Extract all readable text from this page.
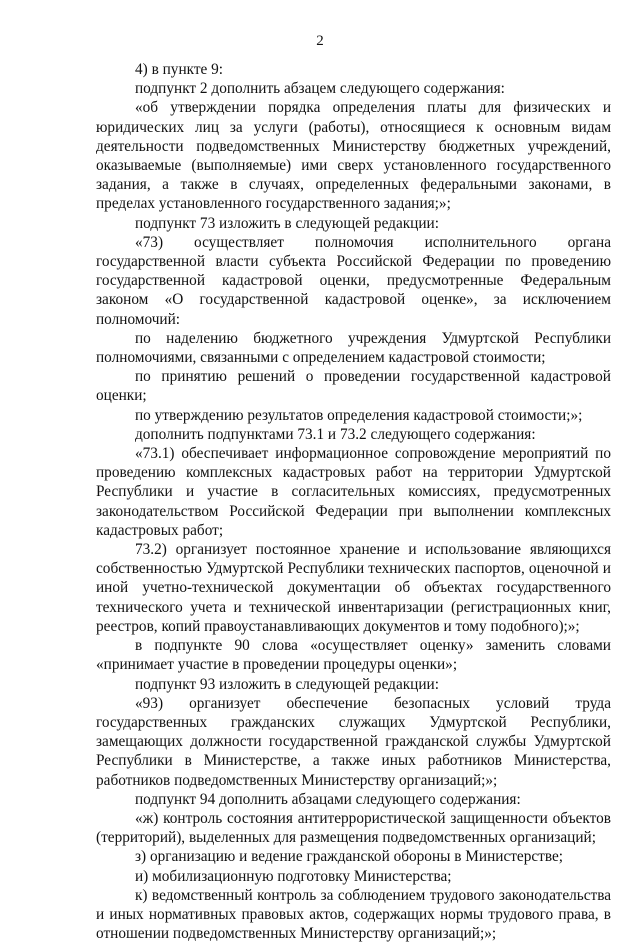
2

4) в пункте 9:

подпункт 2 дополнить абзацем следующего содержания:

«об утверждении порядка определения платы для физических и юридических лиц за услуги (работы), относящиеся к основным видам деятельности подведомственных Министерству бюджетных учреждений, оказываемые (выполняемые) ими сверх установленного государственного задания, а также в случаях, определенных федеральными законами, в пределах установленного государственного задания;»;

подпункт 73 изложить в следующей редакции:

«73) осуществляет полномочия исполнительного органа государственной власти субъекта Российской Федерации по проведению государственной кадастровой оценки, предусмотренные Федеральным законом «О государственной кадастровой оценке», за исключением полномочий:

по наделению бюджетного учреждения Удмуртской Республики полномочиями, связанными с определением кадастровой стоимости;

по принятию решений о проведении государственной кадастровой оценки;

по утверждению результатов определения кадастровой стоимости;»;

дополнить подпунктами 73.1 и 73.2 следующего содержания:

«73.1) обеспечивает информационное сопровождение мероприятий по проведению комплексных кадастровых работ на территории Удмуртской Республики и участие в согласительных комиссиях, предусмотренных законодательством Российской Федерации при выполнении комплексных кадастровых работ;

73.2) организует постоянное хранение и использование являющихся собственностью Удмуртской Республики технических паспортов, оценочной и иной учетно-технической документации об объектах государственного технического учета и технической инвентаризации (регистрационных книг, реестров, копий правоустанавливающих документов и тому подобного);»;

в подпункте 90 слова «осуществляет оценку» заменить словами «принимает участие в проведении процедуры оценки»;

подпункт 93 изложить в следующей редакции:

«93) организует обеспечение безопасных условий труда государственных гражданских служащих Удмуртской Республики, замещающих должности государственной гражданской службы Удмуртской Республики в Министерстве, а также иных работников Министерства, работников подведомственных Министерству организаций;»;

подпункт 94 дополнить абзацами следующего содержания:

«ж) контроль состояния антитеррористической защищенности объектов (территорий), выделенных для размещения подведомственных организаций;

з) организацию и ведение гражданской обороны в Министерстве;

и) мобилизационную подготовку Министерства;

к) ведомственный контроль за соблюдением трудового законодательства и иных нормативных правовых актов, содержащих нормы трудового права, в отношении подведомственных Министерству организаций;»;
